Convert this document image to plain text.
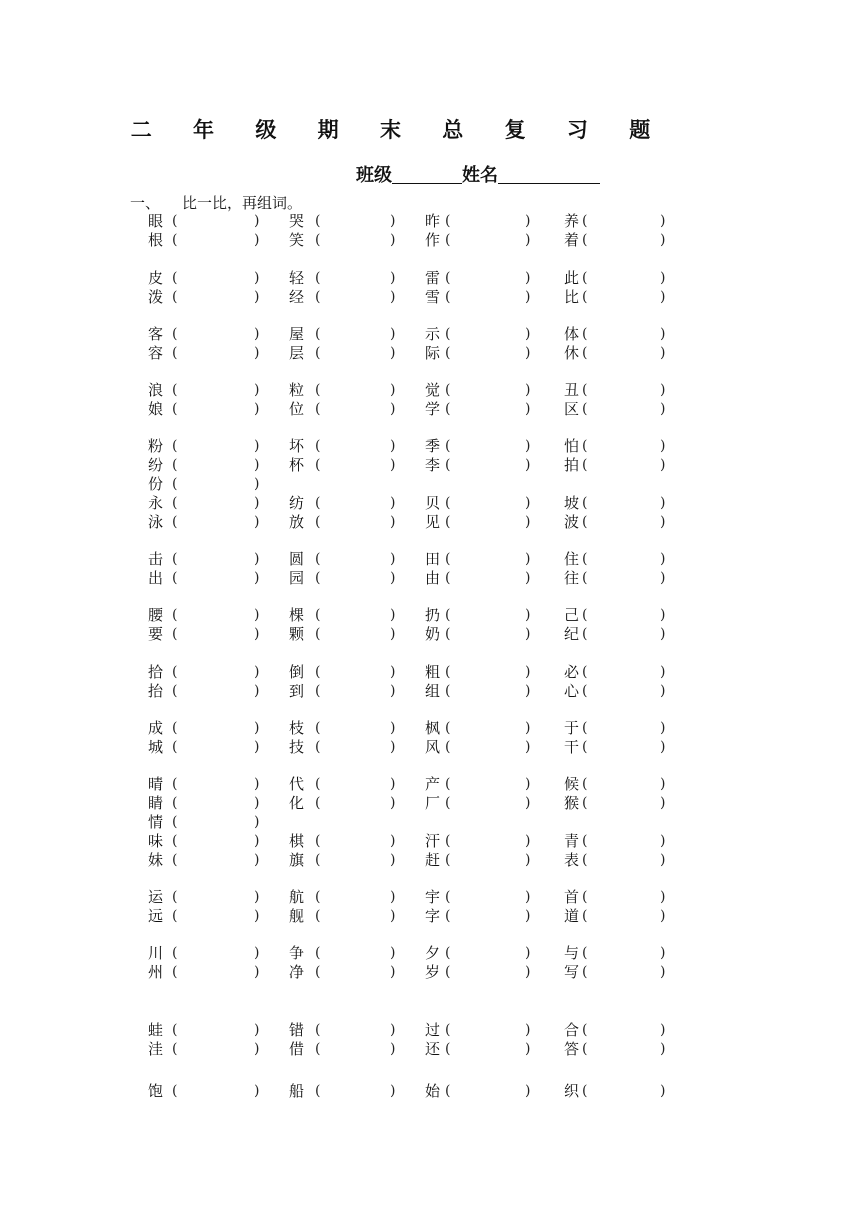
二 年 级 期 末 总 复 习 题
班级	姓名
一、 比一比，再组词。
眼 (	) 哭 (	) 昨 (	) 养 (	)
根 (	) 笑 (	) 作 (	) 着 (	)
皮 (	) 轻 (	) 雷 (	) 此 (	)
泼 (	) 经 (	) 雪 (	) 比 (	)
客 (	) 屋 (	) 示 (	) 体 (	)
容 (	) 层 (	) 际 (	) 休 (	)
浪 (	) 粒 (	) 觉 (	) 丑 (	)
娘 (	) 位 (	) 学 (	) 区 (	)
粉 (	) 坏 (	) 季 (	) 怕 (	)
纷 (	) 杯 (	) 李 (	) 拍 (	)
份 (	)
永 (	) 纺 (	) 贝 (	) 坡 (	)
泳 (	) 放 (	) 见 (	) 波 (	)
击 (	) 圆 (	) 田 (	) 住 (	)
出 (	) 园 (	) 由 (	) 往 (	)
腰 (	) 棵 (	) 扔 (	) 己 (	)
要 (	) 颗 (	) 奶 (	) 纪 (	)
拾 (	) 倒 (	) 粗 (	) 必 (	)
抬 (	) 到 (	) 组 (	) 心 (	)
成 (	) 枝 (	) 枫 (	) 于 (	)
城 (	) 技 (	) 风 (	) 干 (	)
晴 (	) 代 (	) 产 (	) 候 (	)
睛 (	) 化 (	) 厂 (	) 猴 (	)
情 (	)
味 (	) 棋 (	) 汗 (	) 青 (	)
妹 (	) 旗 (	) 赶 (	) 表 (	)
运 (	) 航 (	) 宇 (	) 首 (	)
远 (	) 舰 (	) 字 (	) 道 (	)
川 (	) 争 (	) 夕 (	) 与 (	)
州 (	) 净 (	) 岁 (	) 写 (	)
蛙 (	) 错 (	) 过 (	) 合 (	)
洼 (	) 借 (	) 还 (	) 答 (	)
饱 (	) 船 (	) 始 (	) 织 (	)
